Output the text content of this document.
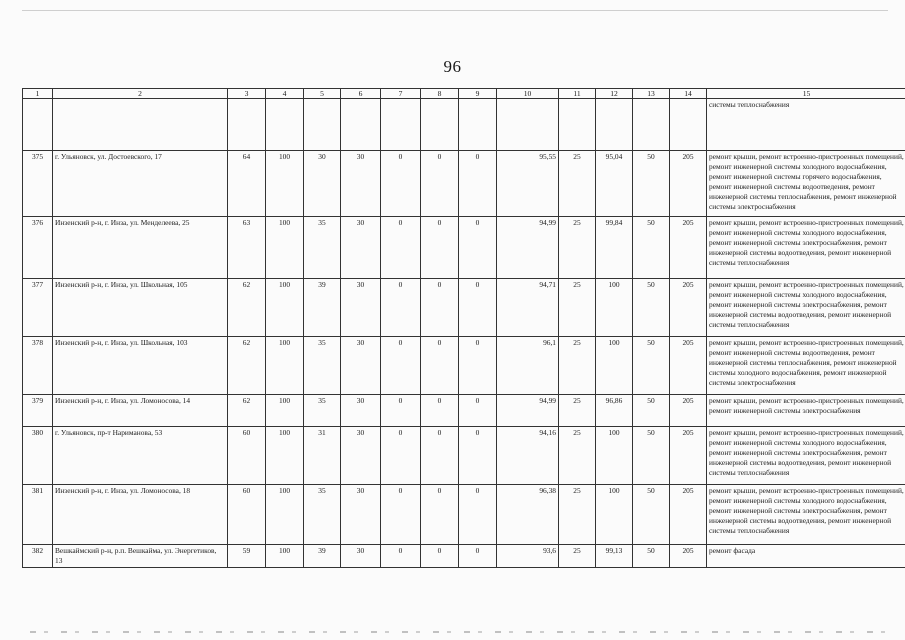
96
1	2	3	4	5	6	7	8	9	10	11	12	13	14	15
														системы теплоснабжения
375	г. Ульяновск, ул. Достоевского, 17	64	100	30	30	0	0	0	95,55	25	95,04	50	205	ремонт крыши, ремонт встроенно-пристроенных помещений, ремонт инженерной системы холодного водоснабжения, ремонт инженерной системы горячего водоснабжения, ремонт инженерной системы водоотведения, ремонт инженерной системы теплоснабжения, ремонт инженерной системы электроснабжения
376	Инзенский р-н, г. Инза, ул. Менделеева, 25	63	100	35	30	0	0	0	94,99	25	99,84	50	205	ремонт крыши, ремонт встроенно-пристроенных помещений, ремонт инженерной системы холодного водоснабжения, ремонт инженерной системы электроснабжения, ремонт инженерной системы водоотведения, ремонт инженерной системы теплоснабжения
377	Инзенский р-н, г. Инза, ул. Школьная, 105	62	100	39	30	0	0	0	94,71	25	100	50	205	ремонт крыши, ремонт встроенно-пристроенных помещений, ремонт инженерной системы холодного водоснабжения, ремонт инженерной системы электроснабжения, ремонт инженерной системы водоотведения, ремонт инженерной системы теплоснабжения
378	Инзенский р-н, г. Инза, ул. Школьная, 103	62	100	35	30	0	0	0	96,1	25	100	50	205	ремонт крыши, ремонт встроенно-пристроенных помещений, ремонт инженерной системы водоотведения, ремонт инженерной системы теплоснабжения, ремонт инженерной системы холодного водоснабжения, ремонт инженерной системы электроснабжения
379	Инзенский р-н, г. Инза, ул. Ломоносова, 14	62	100	35	30	0	0	0	94,99	25	96,86	50	205	ремонт крыши, ремонт встроенно-пристроенных помещений, ремонт инженерной системы электроснабжения
380	г. Ульяновск, пр-т Нариманова, 53	60	100	31	30	0	0	0	94,16	25	100	50	205	ремонт крыши, ремонт встроенно-пристроенных помещений, ремонт инженерной системы холодного водоснабжения, ремонт инженерной системы электроснабжения, ремонт инженерной системы водоотведения, ремонт инженерной системы теплоснабжения
381	Инзенский р-н, г. Инза, ул. Ломоносова, 18	60	100	35	30	0	0	0	96,38	25	100	50	205	ремонт крыши, ремонт встроенно-пристроенных помещений, ремонт инженерной системы холодного водоснабжения, ремонт инженерной системы электроснабжения, ремонт инженерной системы водоотведения, ремонт инженерной системы теплоснабжения
382	Вешкаймский р-н, р.п. Вешкайма, ул. Энергетиков, 13	59	100	39	30	0	0	0	93,6	25	99,13	50	205	ремонт фасада
